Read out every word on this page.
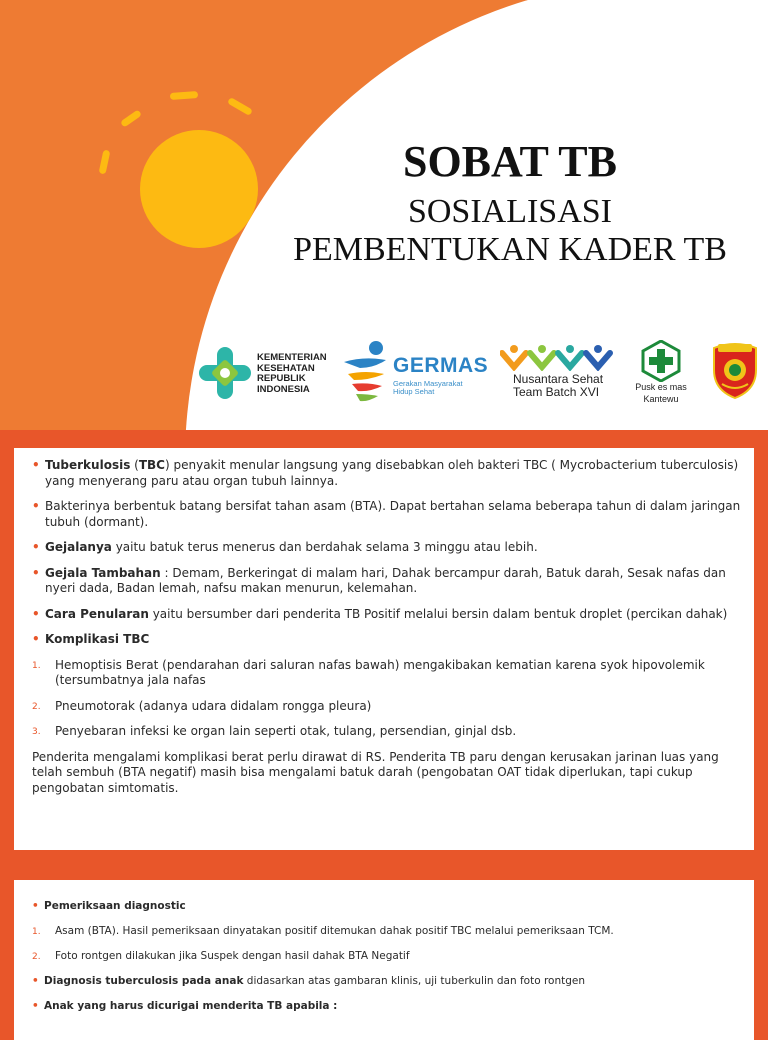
SOBAT TB
SOSIALISASI
PEMBENTUKAN KADER TB
KEMENTERIAN
KESEHATAN
REPUBLIK
INDONESIA
GERMAS
Gerakan Masyarakat
Hidup Sehat
Nusantara Sehat
Team Batch XVI	Pusk es mas
Kantewu
• Tuberkulosis (TBC) penyakit menular langsung yang disebabkan oleh bakteri TBC ( Mycrobacterium tuberculosis) yang menyerang paru atau organ tubuh lainnya.
• Bakterinya berbentuk batang bersifat tahan asam (BTA). Dapat bertahan selama beberapa tahun di dalam jaringan tubuh (dormant).
• Gejalanya yaitu batuk terus menerus dan berdahak selama 3 minggu atau lebih.
• Gejala Tambahan : Demam, Berkeringat di malam hari, Dahak bercampur darah, Batuk darah, Sesak nafas dan nyeri dada, Badan lemah, nafsu makan menurun, kelemahan.
• Cara Penularan yaitu bersumber dari penderita TB Positif melalui bersin dalam bentuk droplet (percikan dahak)
• Komplikasi TBC
1. Hemoptisis Berat (pendarahan dari saluran nafas bawah) mengakibakan kematian karena syok hipovolemik (tersumbatnya jala nafas
2. Pneumotorak (adanya udara didalam rongga pleura)
3. Penyebaran infeksi ke organ lain seperti otak, tulang, persendian, ginjal dsb.
Penderita mengalami komplikasi berat perlu dirawat di RS. Penderita TB paru dengan kerusakan jarinan luas yang telah sembuh (BTA negatif) masih bisa mengalami batuk darah (pengobatan OAT tidak diperlukan, tapi cukup pengobatan simtomatis.
• Pemeriksaan diagnostic
1. Asam (BTA). Hasil pemeriksaan dinyatakan positif ditemukan dahak positif TBC melalui pemeriksaan TCM.
2. Foto rontgen dilakukan jika Suspek dengan hasil dahak BTA Negatif
• Diagnosis tuberculosis pada anak didasarkan atas gambaran klinis, uji tuberkulin dan foto rontgen
• Anak yang harus dicurigai menderita TB apabila :
